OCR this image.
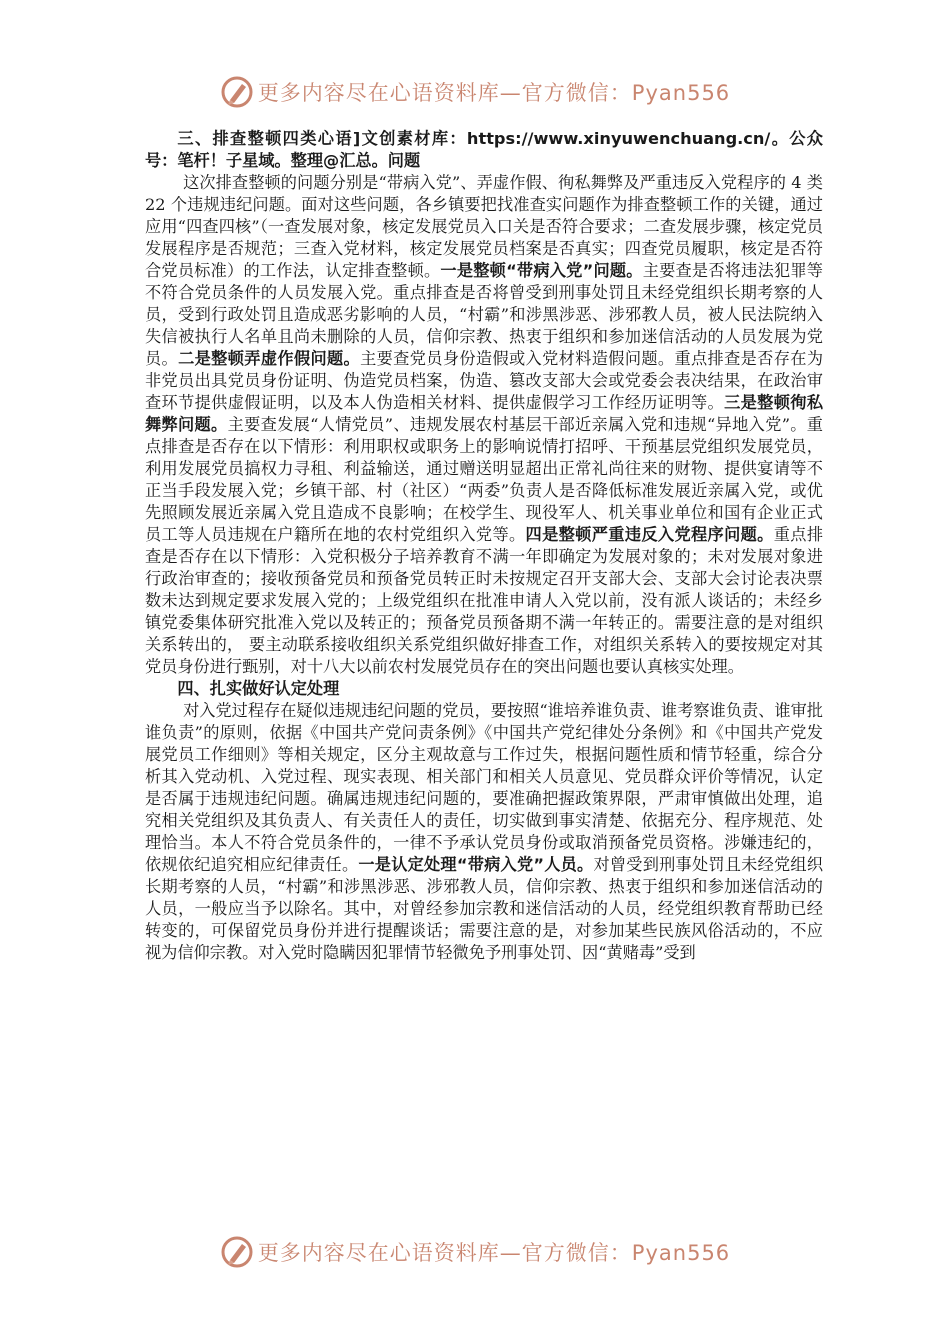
更多内容尽在心语资料库—官方微信：Pyan556

三、排查整顿四类心语]文创素材库：https://www.xinyuwenchuang.cn/。公众号：笔杆！子星域。整理@汇总。问题

这次排查整顿的问题分别是“带病入党”、弄虚作假、徇私舞弊及严重违反入党程序的 4 类 22 个违规违纪问题。面对这些问题，各乡镇要把找准查实问题作为排查整顿工作的关键，通过应用“四查四核”（一查发展对象，核定发展党员入口关是否符合要求；二查发展步骤，核定党员发展程序是否规范；三查入党材料，核定发展党员档案是否真实；四查党员履职，核定是否符合党员标准）的工作法，认定排查整顿。一是整顿“带病入党”问题。主要查是否将违法犯罪等不符合党员条件的人员发展入党。重点排查是否将曾受到刑事处罚且未经党组织长期考察的人员，受到行政处罚且造成恶劣影响的人员，“村霸”和涉黑涉恶、涉邪教人员，被人民法院纳入失信被执行人名单且尚未删除的人员，信仰宗教、热衷于组织和参加迷信活动的人员发展为党员。二是整顿弄虚作假问题。主要查党员身份造假或入党材料造假问题。重点排查是否存在为非党员出具党员身份证明、伪造党员档案，伪造、篡改支部大会或党委会表决结果，在政治审查环节提供虚假证明，以及本人伪造相关材料、提供虚假学习工作经历证明等。三是整顿徇私舞弊问题。主要查发展“人情党员”、违规发展农村基层干部近亲属入党和违规“异地入党”。重点排查是否存在以下情形：利用职权或职务上的影响说情打招呼、干预基层党组织发展党员，利用发展党员搞权力寻租、利益输送，通过赠送明显超出正常礼尚往来的财物、提供宴请等不正当手段发展入党；乡镇干部、村（社区）“两委”负责人是否降低标准发展近亲属入党，或优先照顾发展近亲属入党且造成不良影响；在校学生、现役军人、机关事业单位和国有企业正式员工等人员违规在户籍所在地的农村党组织入党等。四是整顿严重违反入党程序问题。重点排查是否存在以下情形：入党积极分子培养教育不满一年即确定为发展对象的；未对发展对象进行政治审查的；接收预备党员和预备党员转正时未按规定召开支部大会、支部大会讨论表决票数未达到规定要求发展入党的；上级党组织在批准申请人入党以前，没有派人谈话的；未经乡镇党委集体研究批准入党以及转正的；预备党员预备期不满一年转正的。需要注意的是对组织关系转出的， 要主动联系接收组织关系党组织做好排查工作，对组织关系转入的要按规定对其党员身份进行甄别，对十八大以前农村发展党员存在的突出问题也要认真核实处理。

四、扎实做好认定处理

对入党过程存在疑似违规违纪问题的党员，要按照“谁培养谁负责、谁考察谁负责、谁审批谁负责”的原则，依据《中国共产党问责条例》《中国共产党纪律处分条例》和《中国共产党发展党员工作细则》等相关规定，区分主观故意与工作过失，根据问题性质和情节轻重，综合分析其入党动机、入党过程、现实表现、相关部门和相关人员意见、党员群众评价等情况，认定是否属于违规违纪问题。确属违规违纪问题的，要准确把握政策界限，严肃审慎做出处理，追究相关党组织及其负责人、有关责任人的责任，切实做到事实清楚、依据充分、程序规范、处理恰当。本人不符合党员条件的，一律不予承认党员身份或取消预备党员资格。涉嫌违纪的，依规依纪追究相应纪律责任。一是认定处理“带病入党”人员。对曾受到刑事处罚且未经党组织长期考察的人员，“村霸”和涉黑涉恶、涉邪教人员，信仰宗教、热衷于组织和参加迷信活动的人员，一般应当予以除名。其中，对曾经参加宗教和迷信活动的人员，经党组织教育帮助已经转变的，可保留党员身份并进行提醒谈话；需要注意的是，对参加某些民族风俗活动的，不应视为信仰宗教。对入党时隐瞒因犯罪情节轻微免予刑事处罚、因“黄赌毒”受到

更多内容尽在心语资料库—官方微信：Pyan556
